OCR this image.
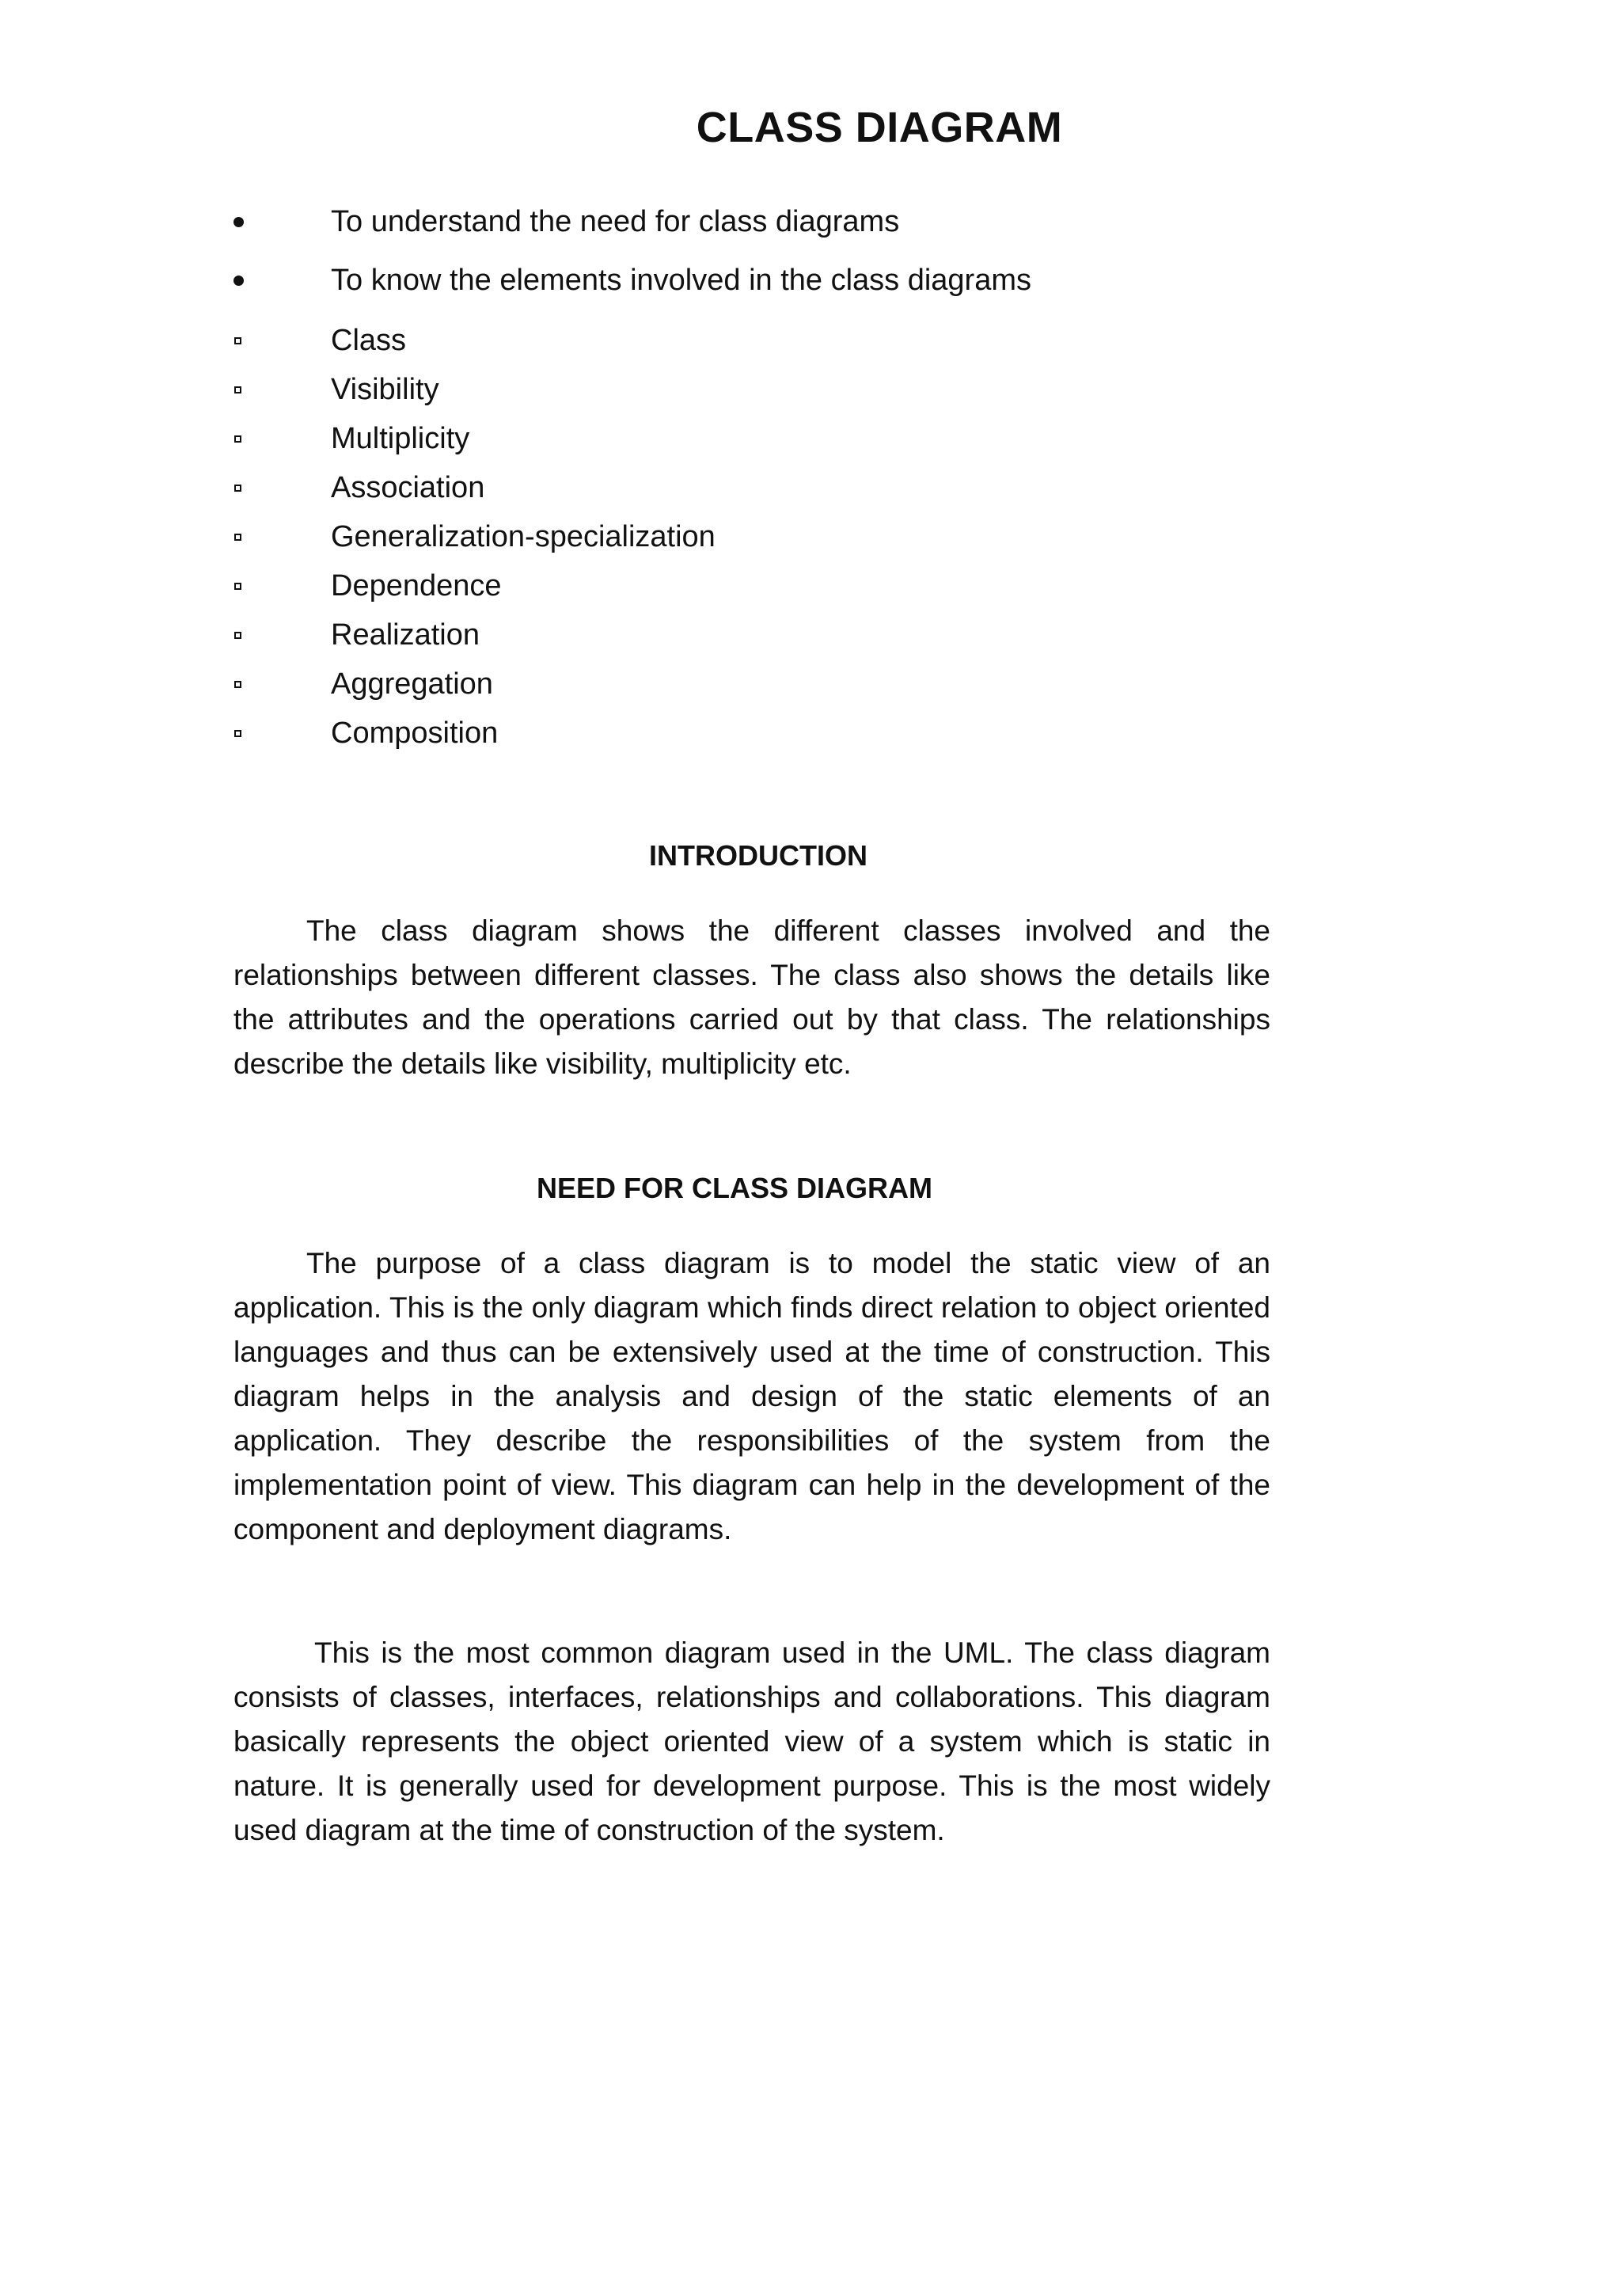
CLASS DIAGRAM
To understand the need for class diagrams
To know the elements involved in the class diagrams
Class
Visibility
Multiplicity
Association
Generalization-specialization
Dependence
Realization
Aggregation
Composition
INTRODUCTION

The class diagram shows the different classes involved and the relationships between different classes. The class also shows the details like the attributes and the operations carried out by that class. The relationships describe the details like visibility, multiplicity etc.

NEED FOR CLASS DIAGRAM

The purpose of a class diagram is to model the static view of an application. This is the only diagram which finds direct relation to object oriented languages and thus can be extensively used at the time of construction. This diagram helps in the analysis and design of the static elements of an application. They describe the responsibilities of the system from the implementation point of view. This diagram can help in the development of the component and deployment diagrams.

This is the most common diagram used in the UML. The class diagram consists of classes, interfaces, relationships and collaborations. This diagram basically represents the object oriented view of a system which is static in nature. It is generally used for development purpose. This is the most widely used diagram at the time of construction of the system.
